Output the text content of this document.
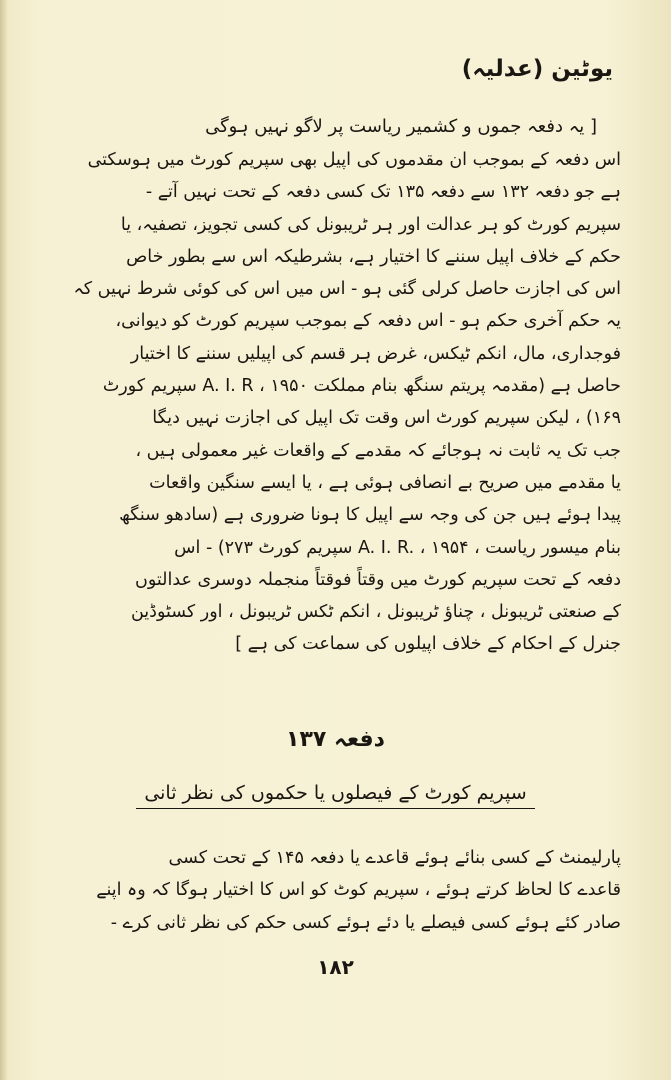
یوٹین (عدلیہ)
[ یہ دفعہ جموں و کشمیر ریاست پر لاگو نہیں ہوگی
اس دفعہ کے بموجب ان مقدموں کی اپیل بھی سپریم کورٹ میں ہوسکتی
ہے جو دفعہ ۱۳۲ سے دفعہ ۱۳۵ تک کسی دفعہ کے تحت نہیں آتے -
سپریم کورٹ کو ہر عدالت اور ہر ٹریبونل کی کسی تجویز، تصفیہ، یا
حکم کے خلاف اپیل سننے کا اختیار ہے، بشرطیکہ اس سے بطور خاص
اس کی اجازت حاصل کرلی گئی ہو - اس میں اس کی کوئی شرط نہیں کہ
یہ حکم آخری حکم ہو - اس دفعہ کے بموجب سپریم کورٹ کو دیوانی،
فوجداری، مال، انکم ٹیکس، غرض ہر قسم کی اپیلیں سننے کا اختیار
حاصل ہے (مقدمہ پریتم سنگھ بنام مملکت A. I. R ، ۱۹۵۰ سپریم کورٹ
۱۶۹) ، لیکن سپریم کورٹ اس وقت تک اپیل کی اجازت نہیں دیگا
جب تک یہ ثابت نہ ہوجائے کہ مقدمے کے واقعات غیر معمولی ہیں ،
یا مقدمے میں صریح بے انصافی ہوئی ہے ، یا ایسے سنگین واقعات
پیدا ہوئے ہیں جن کی وجہ سے اپیل کا ہونا ضروری ہے (سادھو سنگھ
بنام میسور ریاست ، A. I. R. ، ۱۹۵۴ سپریم کورٹ ۲۷۳) - اس
دفعہ کے تحت سپریم کورٹ میں وقتاً فوقتاً منجملہ دوسری عدالتوں
کے صنعتی ٹریبونل ، چناؤ ٹریبونل ، انکم ٹکس ٹریبونل ، اور کسٹوڈین
جنرل کے احکام کے خلاف اپیلوں کی سماعت کی ہے ]
دفعہ ۱۳۷
سپریم کورٹ کے فیصلوں یا حکموں کی نظر ثانی
پارلیمنٹ کے کسی بنائے ہوئے قاعدے یا دفعہ ۱۴۵ کے تحت کسی
قاعدے کا لحاظ کرتے ہوئے ، سپریم کوٹ کو اس کا اختیار ہوگا کہ وہ اپنے
صادر کئے ہوئے کسی فیصلے یا دئے ہوئے کسی حکم کی نظر ثانی کرے -
۱۸۲
